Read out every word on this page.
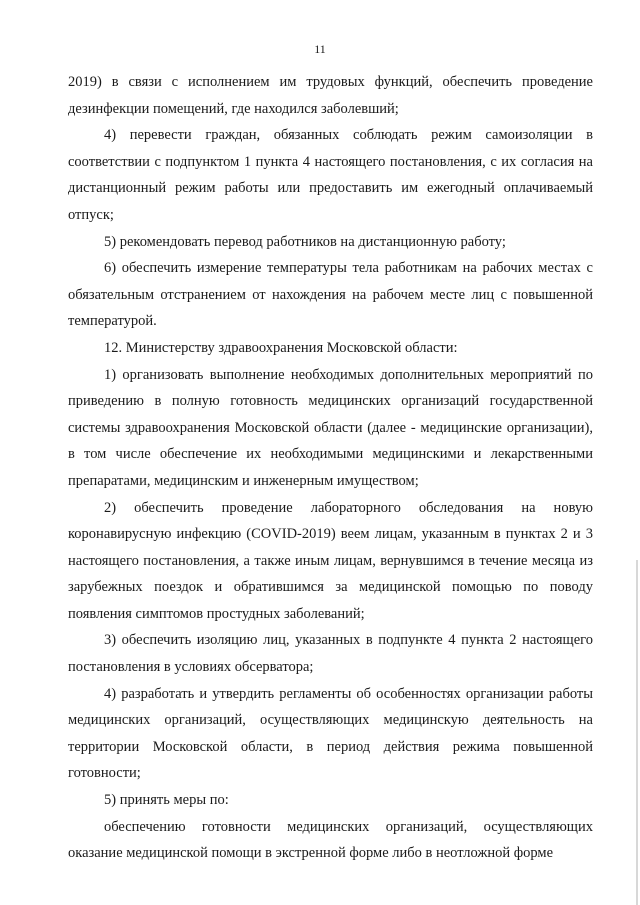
11

2019) в связи с исполнением им трудовых функций, обеспечить проведение дезинфекции помещений, где находился заболевший;

4) перевести граждан, обязанных соблюдать режим самоизоляции в соответствии с подпунктом 1 пункта 4 настоящего постановления, с их согласия на дистанционный режим работы или предоставить им ежегодный оплачиваемый отпуск;

5) рекомендовать перевод работников на дистанционную работу;

6) обеспечить измерение температуры тела работникам на рабочих местах с обязательным отстранением от нахождения на рабочем месте лиц с повышенной температурой.

12. Министерству здравоохранения Московской области:

1) организовать выполнение необходимых дополнительных мероприятий по приведению в полную готовность медицинских организаций государственной системы здравоохранения Московской области (далее - медицинские организации), в том числе обеспечение их необходимыми медицинскими и лекарственными препаратами, медицинским и инженерным имуществом;

2) обеспечить проведение лабораторного обследования на новую коронавирусную инфекцию (COVID-2019) веем лицам, указанным в пунктах 2 и 3 настоящего постановления, а также иным лицам, вернувшимся в течение месяца из зарубежных поездок и обратившимся за медицинской помощью по поводу появления симптомов простудных заболеваний;

3) обеспечить изоляцию лиц, указанных в подпункте 4 пункта 2 настоящего постановления в условиях обсерватора;

4) разработать и утвердить регламенты об особенностях организации работы медицинских организаций, осуществляющих медицинскую деятельность на территории Московской области, в период действия режима повышенной готовности;

5) принять меры по:

обеспечению готовности медицинских организаций, осуществляющих оказание медицинской помощи в экстренной форме либо в неотложной форме
